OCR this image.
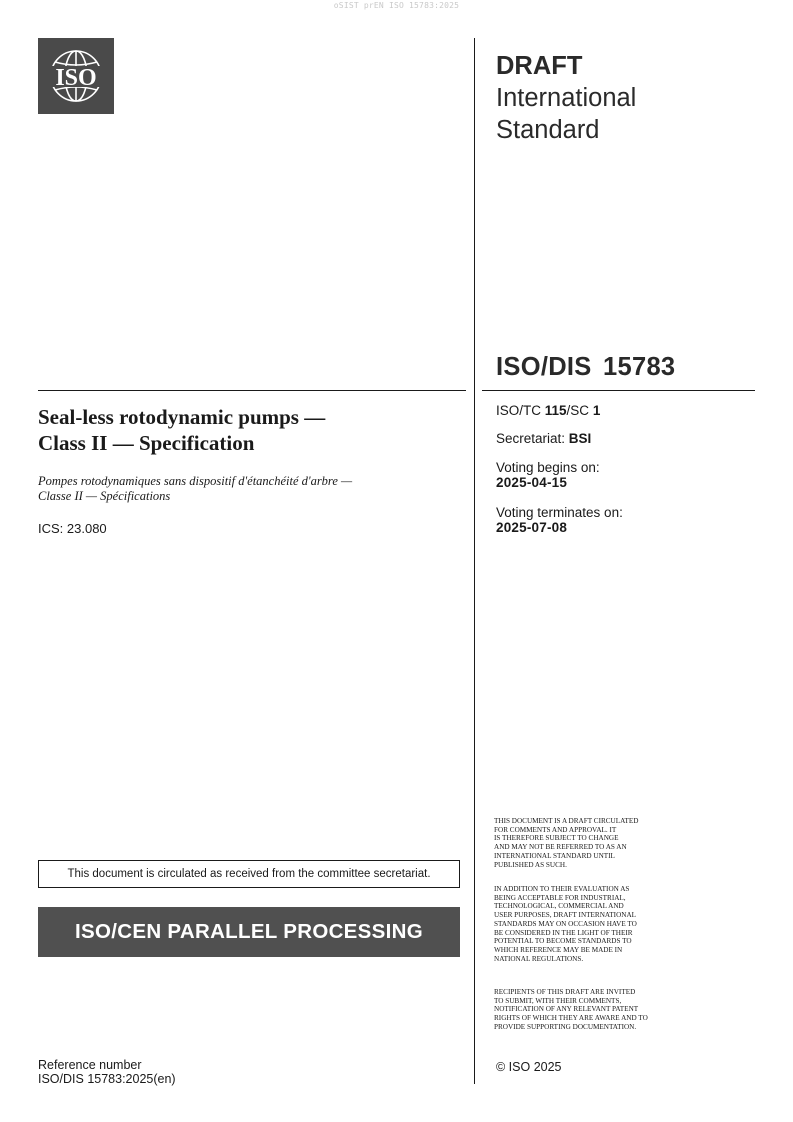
oSIST prEN ISO 15783:2025
ISO	DRAFT
International
Standard
ISO/DIS 15783
Seal-less rotodynamic pumps —
Class II — Specification
Pompes rotodynamiques sans dispositif d'étanchéité d'arbre —
Classe II — Spécifications
ICS: 23.080
ISO/TC 115/SC 1
Secretariat: BSI
Voting begins on:
2025-04-15
Voting terminates on:
2025-07-08
THIS DOCUMENT IS A DRAFT CIRCULATED
FOR COMMENTS AND APPROVAL. IT
IS THEREFORE SUBJECT TO CHANGE
AND MAY NOT BE REFERRED TO AS AN
INTERNATIONAL STANDARD UNTIL
PUBLISHED AS SUCH.
IN ADDITION TO THEIR EVALUATION AS
BEING ACCEPTABLE FOR INDUSTRIAL,
TECHNOLOGICAL, COMMERCIAL AND
USER PURPOSES, DRAFT INTERNATIONAL
STANDARDS MAY ON OCCASION HAVE TO
BE CONSIDERED IN THE LIGHT OF THEIR
POTENTIAL TO BECOME STANDARDS TO
WHICH REFERENCE MAY BE MADE IN
NATIONAL REGULATIONS.
RECIPIENTS OF THIS DRAFT ARE INVITED
TO SUBMIT, WITH THEIR COMMENTS,
NOTIFICATION OF ANY RELEVANT PATENT
RIGHTS OF WHICH THEY ARE AWARE AND TO
PROVIDE SUPPORTING DOCUMENTATION.
This document is circulated as received from the committee secretariat.
ISO/CEN PARALLEL PROCESSING
Reference number
ISO/DIS 15783:2025(en)
© ISO 2025
